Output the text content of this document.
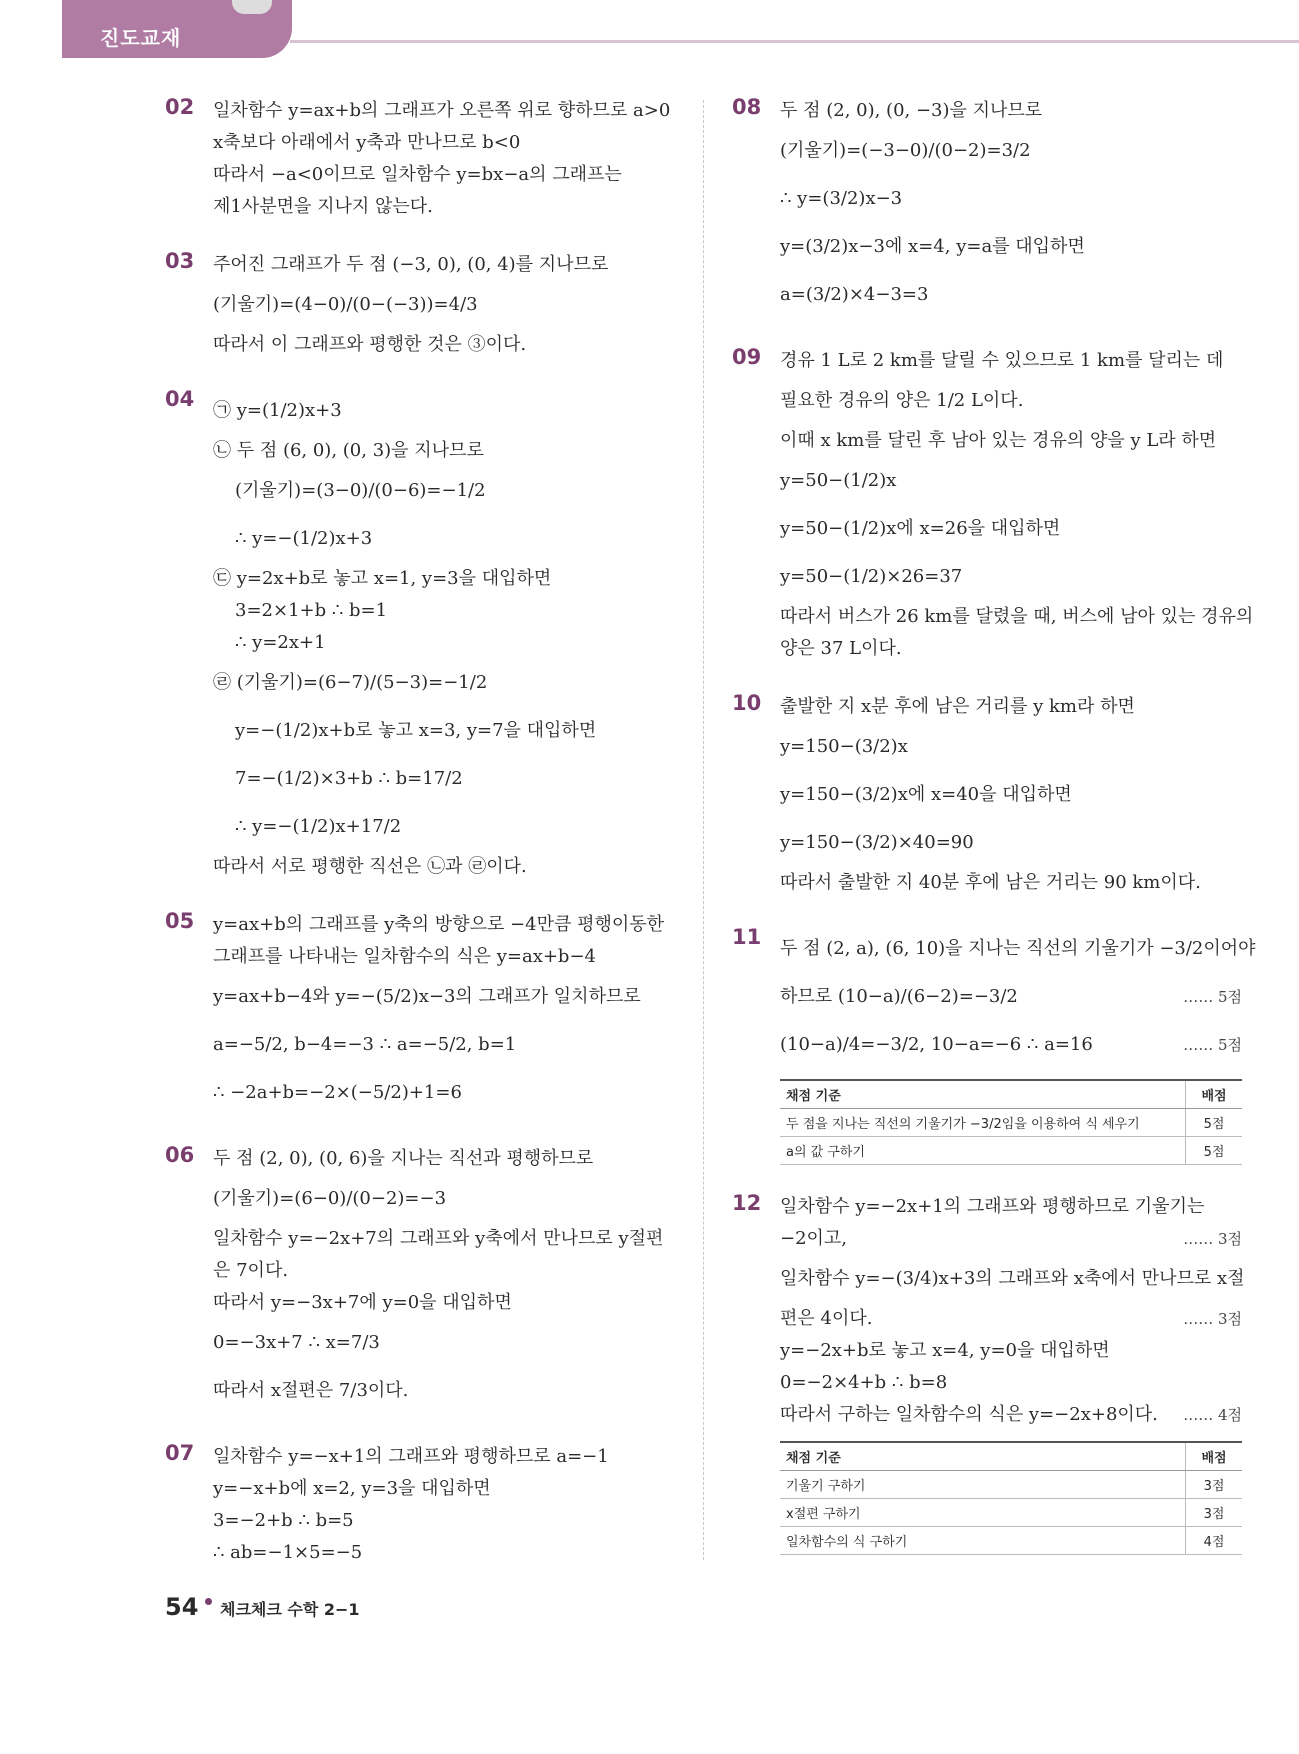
진도교재
02 일차함수 y=ax+b의 그래프가 오른쪽 위로 향하므로 a>0
x축보다 아래에서 y축과 만나므로 b<0
따라서 −a<0이므로 일차함수 y=bx−a의 그래프는
제1사분면을 지나지 않는다.
03 주어진 그래프가 두 점 (−3, 0), (0, 4)를 지나므로
(기울기)=(4−0)/(0−(−3))=4/3
따라서 이 그래프와 평행한 것은 ③이다.
04 ㉠ y=(1/2)x+3
㉡ 두 점 (6, 0), (0, 3)을 지나므로
(기울기)=(3−0)/(0−6)=−1/2
∴ y=−(1/2)x+3
㉢ y=2x+b로 놓고 x=1, y=3을 대입하면
3=2×1+b ∴ b=1
∴ y=2x+1
㉣ (기울기)=(6−7)/(5−3)=−1/2
y=−(1/2)x+b로 놓고 x=3, y=7을 대입하면
7=−(1/2)×3+b ∴ b=17/2
∴ y=−(1/2)x+17/2
따라서 서로 평행한 직선은 ㉡과 ㉣이다.
05 y=ax+b의 그래프를 y축의 방향으로 −4만큼 평행이동한
그래프를 나타내는 일차함수의 식은 y=ax+b−4
y=ax+b−4와 y=−(5/2)x−3의 그래프가 일치하므로
a=−5/2, b−4=−3 ∴ a=−5/2, b=1
∴ −2a+b=−2×(−5/2)+1=6
06 두 점 (2, 0), (0, 6)을 지나는 직선과 평행하므로
(기울기)=(6−0)/(0−2)=−3
일차함수 y=−2x+7의 그래프와 y축에서 만나므로 y절편
은 7이다.
따라서 y=−3x+7에 y=0을 대입하면
0=−3x+7 ∴ x=7/3
따라서 x절편은 7/3이다.
07 일차함수 y=−x+1의 그래프와 평행하므로 a=−1
y=−x+b에 x=2, y=3을 대입하면
3=−2+b ∴ b=5
∴ ab=−1×5=−5
08 두 점 (2, 0), (0, −3)을 지나므로
(기울기)=(−3−0)/(0−2)=3/2
∴ y=(3/2)x−3
y=(3/2)x−3에 x=4, y=a를 대입하면
a=(3/2)×4−3=3
09 경유 1 L로 2 km를 달릴 수 있으므로 1 km를 달리는 데
필요한 경유의 양은 1/2 L이다.
이때 x km를 달린 후 남아 있는 경유의 양을 y L라 하면
y=50−(1/2)x
y=50−(1/2)x에 x=26을 대입하면
y=50−(1/2)×26=37
따라서 버스가 26 km를 달렸을 때, 버스에 남아 있는 경유의
양은 37 L이다.
10 출발한 지 x분 후에 남은 거리를 y km라 하면
y=150−(3/2)x
y=150−(3/2)x에 x=40을 대입하면
y=150−(3/2)×40=90
따라서 출발한 지 40분 후에 남은 거리는 90 km이다.
11 두 점 (2, a), (6, 10)을 지나는 직선의 기울기가 −3/2이어야
하므로 (10−a)/(6−2)=−3/2	…… 5점
(10−a)/4=−3/2, 10−a=−6 ∴ a=16	…… 5점
채점 기준	배점
두 점을 지나는 직선의 기울기가 −3/2임을 이용하여 식 세우기	5점
a의 값 구하기	5점
12 일차함수 y=−2x+1의 그래프와 평행하므로 기울기는
−2이고,	…… 3점
일차함수 y=−(3/4)x+3의 그래프와 x축에서 만나므로 x절
편은 4이다.	…… 3점
y=−2x+b로 놓고 x=4, y=0을 대입하면
0=−2×4+b ∴ b=8
따라서 구하는 일차함수의 식은 y=−2x+8이다. …… 4점
채점 기준	배점
기울기 구하기	3점
x절편 구하기	3점
일차함수의 식 구하기	4점
54 체크체크 수학 2−1
